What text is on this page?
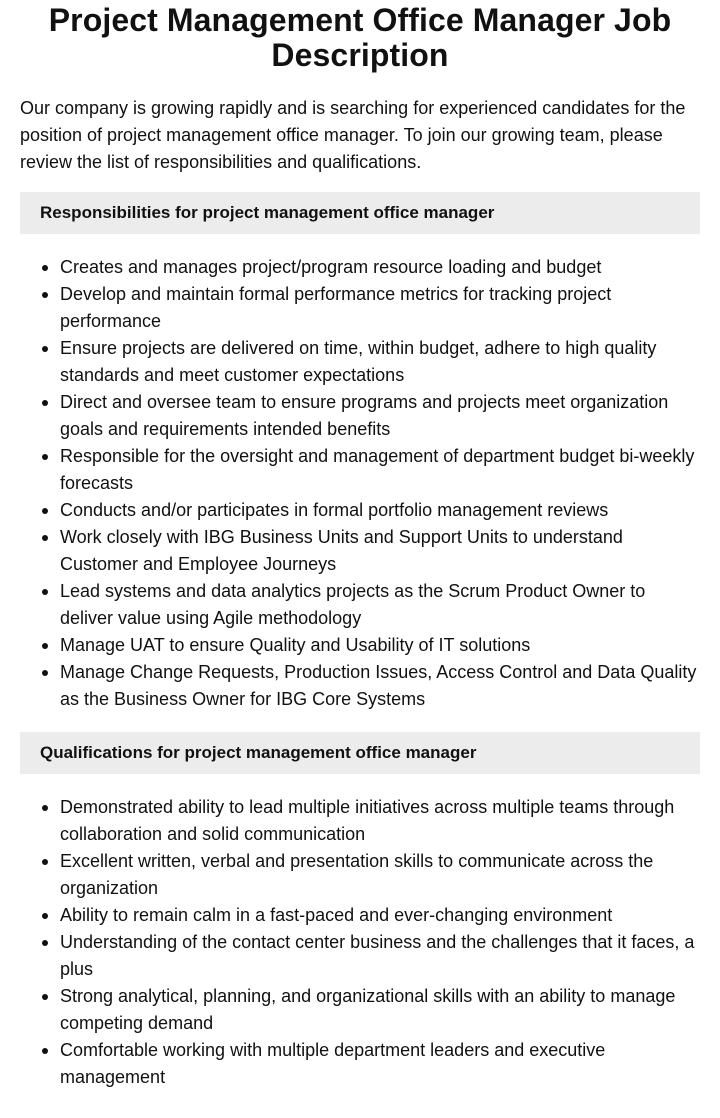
Project Management Office Manager Job Description

Our company is growing rapidly and is searching for experienced candidates for the position of project management office manager. To join our growing team, please review the list of responsibilities and qualifications.

Responsibilities for project management office manager
Creates and manages project/program resource loading and budget
Develop and maintain formal performance metrics for tracking project performance
Ensure projects are delivered on time, within budget, adhere to high quality standards and meet customer expectations
Direct and oversee team to ensure programs and projects meet organization goals and requirements intended benefits
Responsible for the oversight and management of department budget bi-weekly forecasts
Conducts and/or participates in formal portfolio management reviews
Work closely with IBG Business Units and Support Units to understand Customer and Employee Journeys
Lead systems and data analytics projects as the Scrum Product Owner to deliver value using Agile methodology
Manage UAT to ensure Quality and Usability of IT solutions
Manage Change Requests, Production Issues, Access Control and Data Quality as the Business Owner for IBG Core Systems
Qualifications for project management office manager
Demonstrated ability to lead multiple initiatives across multiple teams through collaboration and solid communication
Excellent written, verbal and presentation skills to communicate across the organization
Ability to remain calm in a fast-paced and ever-changing environment
Understanding of the contact center business and the challenges that it faces, a plus
Strong analytical, planning, and organizational skills with an ability to manage competing demand
Comfortable working with multiple department leaders and executive management
